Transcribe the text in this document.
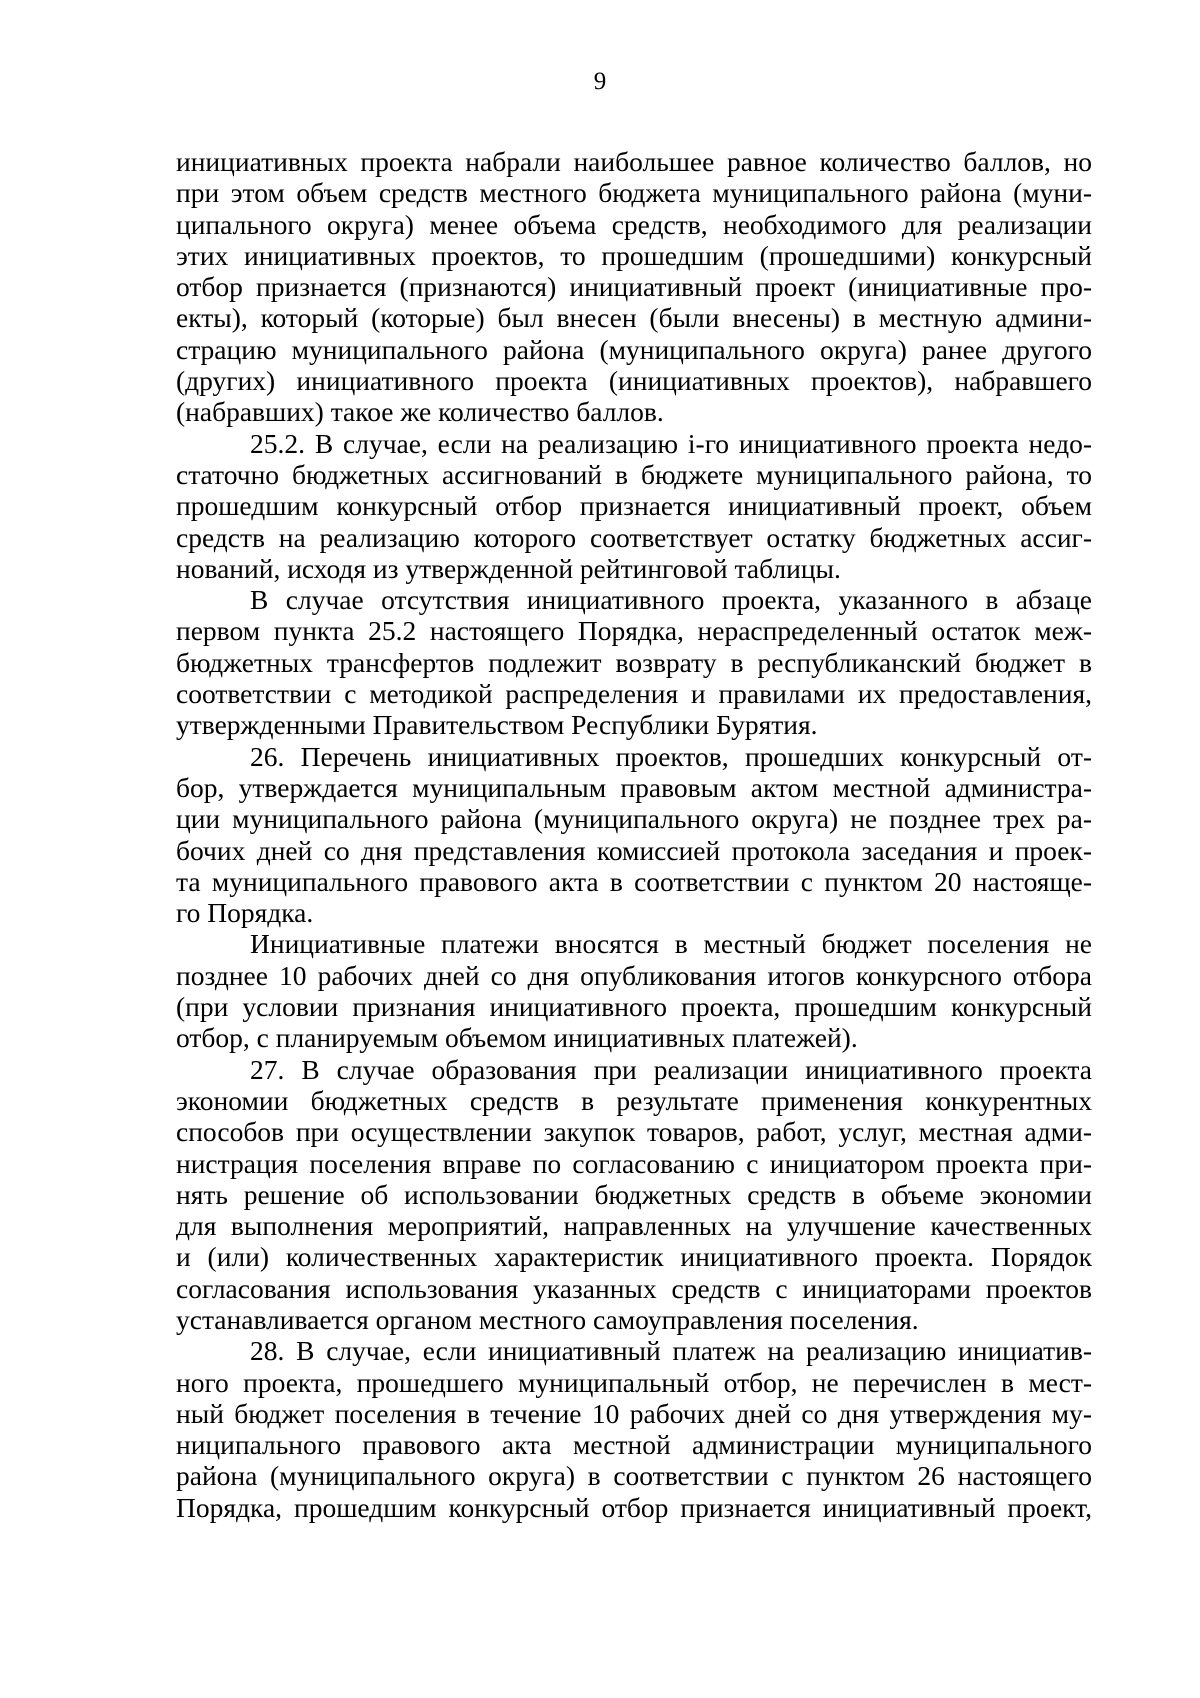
9
инициативных проекта набрали наибольшее равное количество баллов, но
при этом объем средств местного бюджета муниципального района (муни-
ципального округа) менее объема средств, необходимого для реализации
этих инициативных проектов, то прошедшим (прошедшими) конкурсный
отбор признается (признаются) инициативный проект (инициативные про-
екты), который (которые) был внесен (были внесены) в местную админи-
страцию муниципального района (муниципального округа) ранее другого
(других) инициативного проекта (инициативных проектов), набравшего
(набравших) такое же количество баллов.
25.2. В случае, если на реализацию i-го инициативного проекта недо-
статочно бюджетных ассигнований в бюджете муниципального района, то
прошедшим конкурсный отбор признается инициативный проект, объем
средств на реализацию которого соответствует остатку бюджетных ассиг-
нований, исходя из утвержденной рейтинговой таблицы.
В случае отсутствия инициативного проекта, указанного в абзаце
первом пункта 25.2 настоящего Порядка, нераспределенный остаток меж-
бюджетных трансфертов подлежит возврату в республиканский бюджет в
соответствии с методикой распределения и правилами их предоставления,
утвержденными Правительством Республики Бурятия.
26. Перечень инициативных проектов, прошедших конкурсный от-
бор, утверждается муниципальным правовым актом местной администра-
ции муниципального района (муниципального округа) не позднее трех ра-
бочих дней со дня представления комиссией протокола заседания и проек-
та муниципального правового акта в соответствии с пунктом 20 настояще-
го Порядка.
Инициативные платежи вносятся в местный бюджет поселения не
позднее 10 рабочих дней со дня опубликования итогов конкурсного отбора
(при условии признания инициативного проекта, прошедшим конкурсный
отбор, с планируемым объемом инициативных платежей).
27. В случае образования при реализации инициативного проекта
экономии бюджетных средств в результате применения конкурентных
способов при осуществлении закупок товаров, работ, услуг, местная адми-
нистрация поселения вправе по согласованию с инициатором проекта при-
нять решение об использовании бюджетных средств в объеме экономии
для выполнения мероприятий, направленных на улучшение качественных
и (или) количественных характеристик инициативного проекта. Порядок
согласования использования указанных средств с инициаторами проектов
устанавливается органом местного самоуправления поселения.
28. В случае, если инициативный платеж на реализацию инициатив-
ного проекта, прошедшего муниципальный отбор, не перечислен в мест-
ный бюджет поселения в течение 10 рабочих дней со дня утверждения му-
ниципального правового акта местной администрации муниципального
района (муниципального округа) в соответствии с пунктом 26 настоящего
Порядка, прошедшим конкурсный отбор признается инициативный проект,
